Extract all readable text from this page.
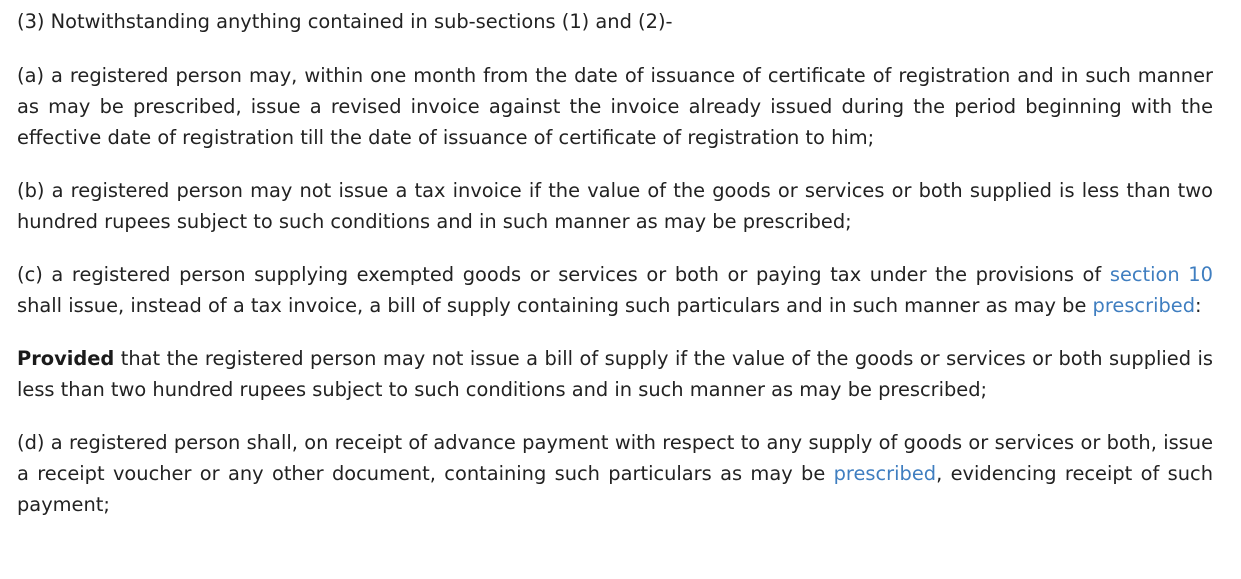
(3) Notwithstanding anything contained in sub-sections (1) and (2)-

(a) a registered person may, within one month from the date of issuance of certificate of registration and in such manner as may be prescribed, issue a revised invoice against the invoice already issued during the period beginning with the effective date of registration till the date of issuance of certificate of registration to him;

(b) a registered person may not issue a tax invoice if the value of the goods or services or both supplied is less than two hundred rupees subject to such conditions and in such manner as may be prescribed;

(c) a registered person supplying exempted goods or services or both or paying tax under the provisions of section 10 shall issue, instead of a tax invoice, a bill of supply containing such particulars and in such manner as may be prescribed:

Provided that the registered person may not issue a bill of supply if the value of the goods or services or both supplied is less than two hundred rupees subject to such conditions and in such manner as may be prescribed;

(d) a registered person shall, on receipt of advance payment with respect to any supply of goods or services or both, issue a receipt voucher or any other document, containing such particulars as may be prescribed, evidencing receipt of such payment;
